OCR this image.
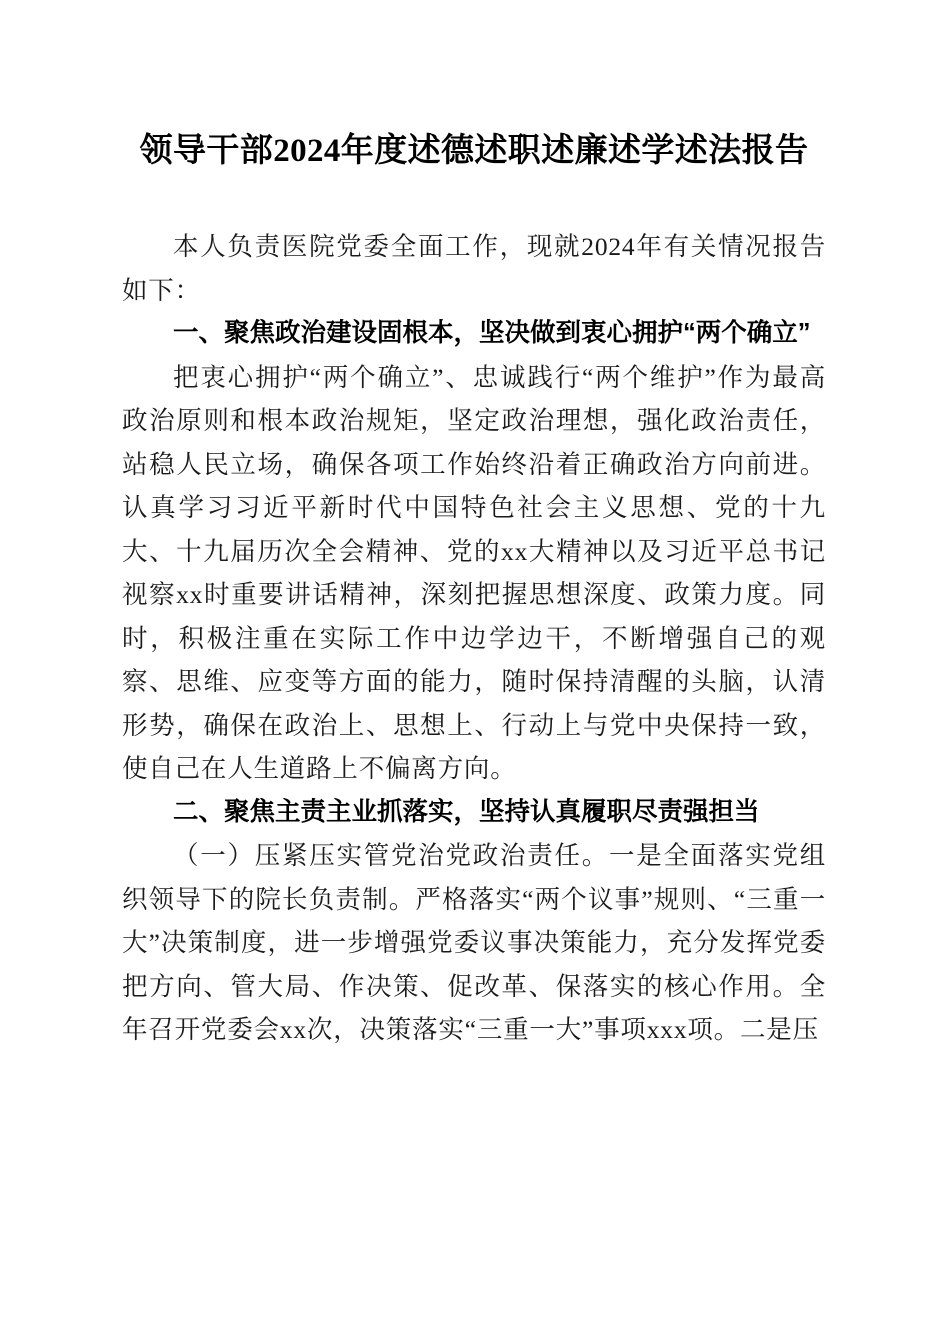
领导干部2024年度述德述职述廉述学述法报告

本人负责医院党委全面工作，现就2024年有关情况报告如下：

一、聚焦政治建设固根本，坚决做到衷心拥护“两个确立”

把衷心拥护“两个确立”、忠诚践行“两个维护”作为最高政治原则和根本政治规矩，坚定政治理想，强化政治责任，站稳人民立场，确保各项工作始终沿着正确政治方向前进。认真学习习近平新时代中国特色社会主义思想、党的十九大、十九届历次全会精神、党的xx大精神以及习近平总书记视察xx时重要讲话精神，深刻把握思想深度、政策力度。同时，积极注重在实际工作中边学边干，不断增强自己的观察、思维、应变等方面的能力，随时保持清醒的头脑，认清形势，确保在政治上、思想上、行动上与党中央保持一致，使自己在人生道路上不偏离方向。

二、聚焦主责主业抓落实，坚持认真履职尽责强担当

（一）压紧压实管党治党政治责任。一是全面落实党组织领导下的院长负责制。严格落实“两个议事”规则、“三重一大”决策制度，进一步增强党委议事决策能力，充分发挥党委把方向、管大局、作决策、促改革、保落实的核心作用。全年召开党委会xx次，决策落实“三重一大”事项xxx项。二是压
